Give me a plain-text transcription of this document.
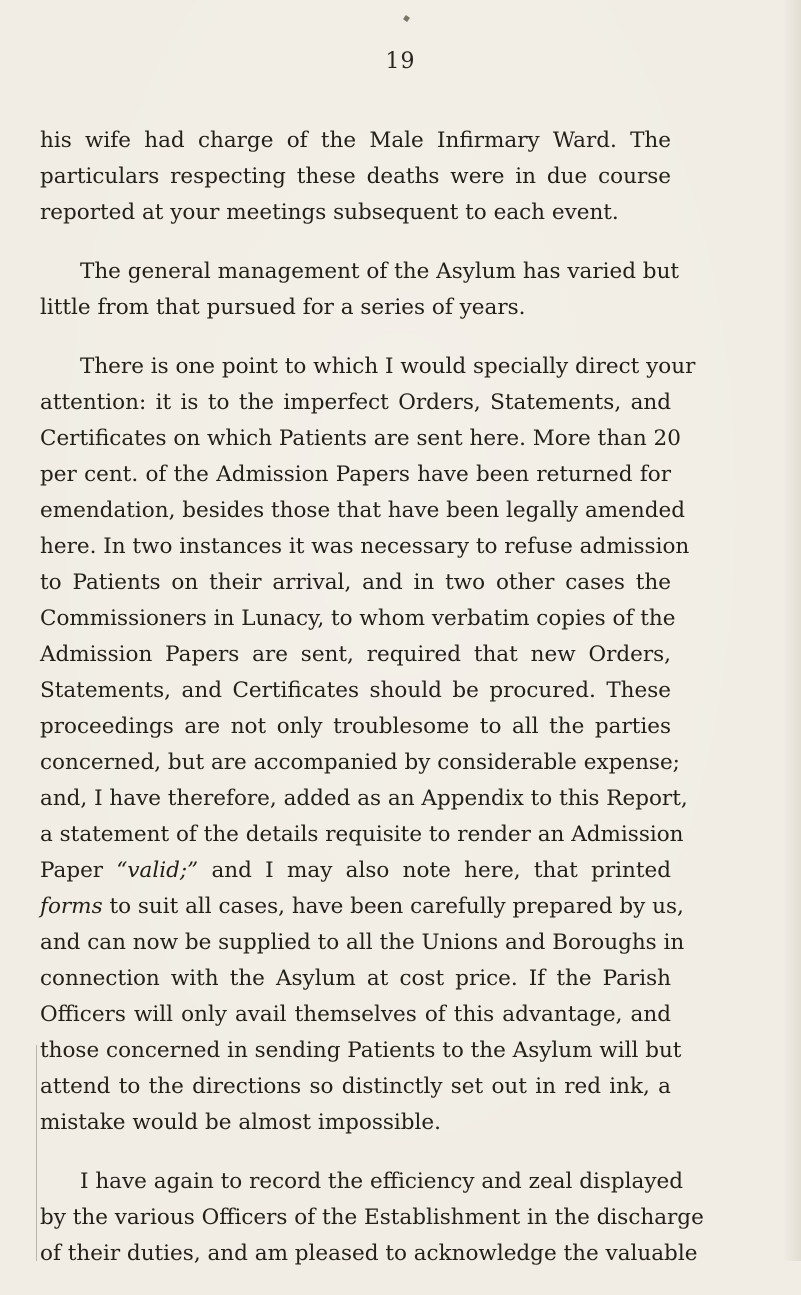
19
his wife had charge of the Male Infirmary Ward. The
particulars respecting these deaths were in due course
reported at your meetings subsequent to each event.
The general management of the Asylum has varied but
little from that pursued for a series of years.
There is one point to which I would specially direct your
attention: it is to the imperfect Orders, Statements, and
Certificates on which Patients are sent here. More than 20
per cent. of the Admission Papers have been returned for
emendation, besides those that have been legally amended
here. In two instances it was necessary to refuse admission
to Patients on their arrival, and in two other cases the
Commissioners in Lunacy, to whom verbatim copies of the
Admission Papers are sent, required that new Orders,
Statements, and Certificates should be procured. These
proceedings are not only troublesome to all the parties
concerned, but are accompanied by considerable expense;
and, I have therefore, added as an Appendix to this Report,
a statement of the details requisite to render an Admission
Paper “valid;” and I may also note here, that printed
forms to suit all cases, have been carefully prepared by us,
and can now be supplied to all the Unions and Boroughs in
connection with the Asylum at cost price. If the Parish
Officers will only avail themselves of this advantage, and
those concerned in sending Patients to the Asylum will but
attend to the directions so distinctly set out in red ink, a
mistake would be almost impossible.
I have again to record the efficiency and zeal displayed
by the various Officers of the Establishment in the discharge
of their duties, and am pleased to acknowledge the valuable
